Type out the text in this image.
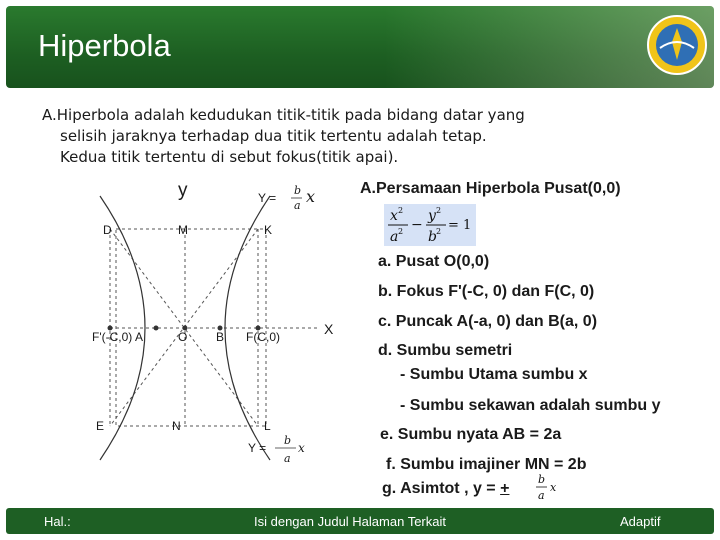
Hiperbola
A.Hiperbola adalah kedudukan titik-titik pada bidang datar yang
selisih jaraknya terhadap dua titik tertentu adalah tetap.
Kedua titik tertentu di sebut fokus(titik apai).
y
D	M	K
F'(-C,0) A	O B F(C,0)	X
E	N	L
Y =
b
a x
Y =
b
a
x
A.Persamaan Hiperbola Pusat(0,0)
x 2
a 2 −
y 2
b 2 = 1
a. Pusat O(0,0)
b. Fokus F'(-C, 0) dan F(C, 0)
c. Puncak A(-a, 0) dan B(a, 0)
d. Sumbu semetri
- Sumbu Utama sumbu x
- Sumbu sekawan adalah sumbu y
e. Sumbu nyata AB = 2a
f. Sumbu imajiner MN = 2b
g. Asimtot , y = +
b
a
x
Hal.:	Isi dengan Judul Halaman Terkait	Adaptif
